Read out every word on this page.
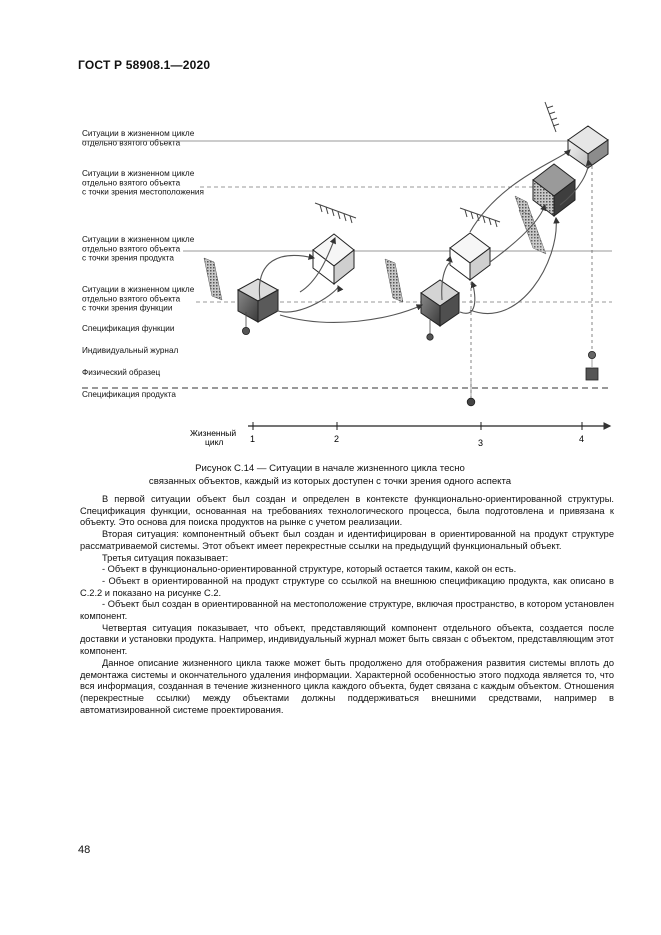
ГОСТ Р 58908.1—2020
Ситуации в жизненном цикле
отдельно взятого объекта
Ситуации в жизненном цикле
отдельно взятого объекта
с точки зрения местоположения
Ситуации в жизненном цикле
отдельно взятого объекта
с точки зрения продукта
Ситуации в жизненном цикле
отдельно взятого объекта
с точки зрения функции
Спецификация функции
Индивидуальный журнал
Физический образец
Спецификация продукта
Жизненный
цикл	1	2	3	4
Рисунок С.14 — Ситуации в начале жизненного цикла тесно
связанных объектов, каждый из которых доступен с точки зрения одного аспекта

В первой ситуации объект был создан и определен в контексте функционально-ориентированной структуры. Спецификация функции, основанная на требованиях технологического процесса, была подготовлена и привязана к объекту. Это основа для поиска продуктов на рынке с учетом реализации.

Вторая ситуация: компонентный объект был создан и идентифицирован в ориентированной на продукт структуре рассматриваемой системы. Этот объект имеет перекрестные ссылки на предыдущий функциональный объект.

Третья ситуация показывает:

- Объект в функционально-ориентированной структуре, который остается таким, какой он есть.

- Объект в ориентированной на продукт структуре со ссылкой на внешнюю спецификацию продукта, как описано в С.2.2 и показано на рисунке С.2.

- Объект был создан в ориентированной на местоположение структуре, включая пространство, в котором установлен компонент.

Четвертая ситуация показывает, что объект, представляющий компонент отдельного объекта, создается после доставки и установки продукта. Например, индивидуальный журнал может быть связан с объектом, представляющим этот компонент.

Данное описание жизненного цикла также может быть продолжено для отображения развития системы вплоть до демонтажа системы и окончательного удаления информации. Характерной особенностью этого подхода является то, что вся информация, созданная в течение жизненного цикла каждого объекта, будет связана с каждым объектом. Отношения (перекрестные ссылки) между объектами должны поддерживаться внешними средствами, например в автоматизированной системе проектирования.

48
